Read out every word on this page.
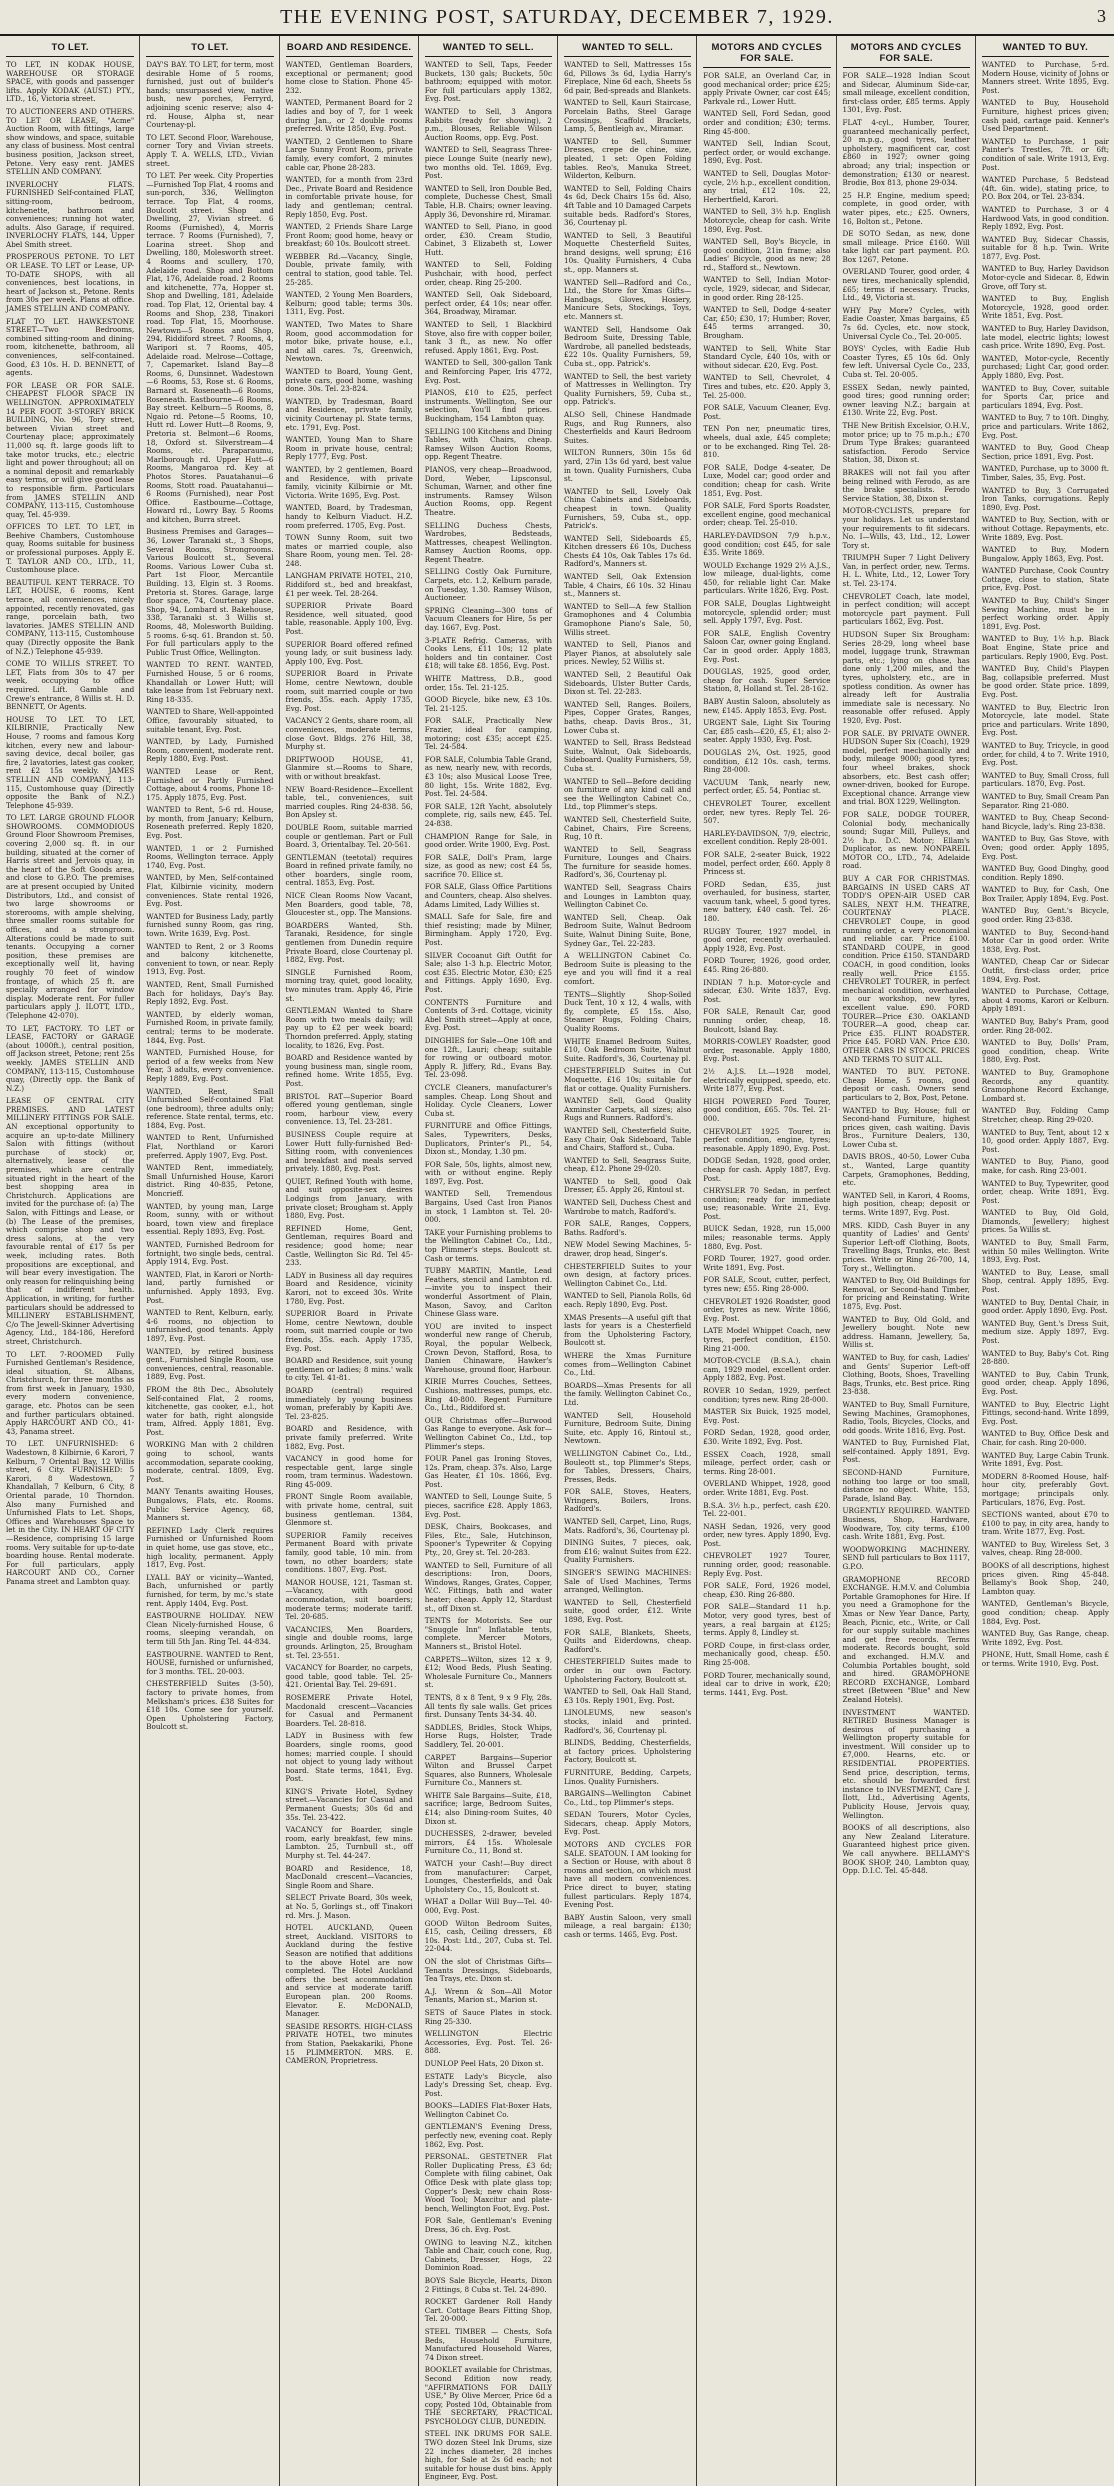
THE EVENING POST, SATURDAY, DECEMBER 7, 1929.	3
TO LET.

TO LET, IN KODAK HOUSE, WAREHOUSE OR STORAGE SPACE, with goods and passenger lifts. Apply KODAK (AUST.) PTY., LTD., 16, Victoria street.

TO AUCTIONEERS AND OTHERS. TO LET OR LEASE, "Acme" Auction Room, with fittings, large show windows, and space, suitable any class of business. Most central business position, Jackson street, Petone. Very easy rent. JAMES STELLIN AND COMPANY.

INVERLOCHY FLATS. FURNISHED Self-contained FLAT, sitting-room, bedroom, kitchenette, bathroom and conveniences; running hot water, adults. Also Garage, if required. INVERLOCHY FLATS, 144, Upper Abel Smith street.

PROSPEROUS PETONE. TO LET OR LEASE. TO LET or Lease, UP-TO-DATE SHOPS, with all conveniences, best locations, in heart of Jackson st., Petone. Rents from 30s per week. Plans at office. JAMES STELLIN AND COMPANY.

FLAT TO LET. HAWKESTONE STREET—Two Bedrooms, combined sitting-room and dining-room, kitchenette, bathroom, all conveniences, self-contained. Good, £3 10s. H. D. BENNETT, of agents.

FOR LEASE OR FOR SALE. CHEAPEST FLOOR SPACE IN WELLINGTON. APPROXIMATELY 14 PER FOOT. 3-STOREY BRICK BUILDING, No. 96, Tory street, between Vivian street and Courtenay place; approximately 11,000 sq. ft. large goods lift to take motor trucks, etc.; electric light and power throughout; all on a nominal deposit and remarkably easy terms, or will give good lease to responsible firm. Particulars from JAMES STELLIN AND COMPANY, 113-115, Customhouse quay, Tel. 45-939.

OFFICES TO LET. TO LET, in Beehive Chambers, Customhouse quay, Rooms suitable for business or professional purposes. Apply E. T. TAYLOR AND CO., LTD., 11, Customhouse place.

BEAUTIFUL KENT TERRACE. TO LET, HOUSE, 6 rooms, Kent terrace, all conveniences, nicely appointed, recently renovated, gas range, porcelain bath, two lavatories. JAMES STELLIN AND COMPANY, 113-115, Customhouse quay (Directly opposite the Bank of N.Z.) Telephone 45-939.

COME TO WILLIS STREET. TO LET, Flats from 30s to 47 per week, occupying to office required. Lift. Gamble and Crewe's entrance, 8 Willis st. H. D. BENNETT, Or Agents.

HOUSE TO LET. TO LET, KILBIRNIE, Practically New House, 7 rooms and famous Korg kitchen, every new and labour-saving device, decal boiler, gas fire, 2 lavatories, latest gas cooker, rent £2 15s weekly. JAMES STELLIN AND COMPANY, 113-115, Customhouse quay (Directly opposite the Bank of N.Z.) Telephone 45-939.

TO LET. LARGE GROUND FLOOR SHOWROOMS. COMMODIOUS Ground Floor Showroom Premises, covering 2,000 sq. ft. in our building, situated at the corner of Harris street and Jervois quay, in the heart of the Soft Goods area, and close to G.P.O. The premises are at present occupied by United Distributors, Ltd., and consist of two large showrooms or storerooms, with ample shelving, three smaller rooms suitable for offices, and a strongroom. Alterations could be made to suit tenants. Occupying a corner position, these premises are exceptionally well lit, having roughly 70 feet of window frontage, of which 25 ft. are specially arranged for window display. Moderate rent. For fuller particulars apply J. ILOTT, LTD., (Telephone 42-070).

TO LET, FACTORY. TO LET or LEASE, FACTORY or GARAGE (about 1000ft.), central position, off Jackson street, Petone; rent 25s weekly. JAMES STELLIN AND COMPANY, 113-115, Customhouse quay, (Directly opp. the Bank of N.Z.)

LEASE OF CENTRAL CITY PREMISES. AND LATEST MILLINERY FITTINGS FOR SALE. AN exceptional opportunity to acquire an up-to-date Millinery Salon with fittings (without purchase of stock) or, alternatively, lease of the premises, which are centrally situated right in the heart of the best shopping area in Christchurch. Applications are invited for the purchase of: (a) The Salon, with Fittings and Lease, or (b) The Lease of the premises, which comprise shop and two dress salons, at the very favourable rental of £17 5s per week, including rates. Both propositions are exceptional, and will bear every investigation. The only reason for relinquishing being that of indifferent health. Application, in writing, for further particulars should be addressed to MILLINERY ESTABLISHMENT, C/o The Jewell-Skinner Advertising Agency, Ltd., 184-186, Hereford street, Christchurch.

TO LET. 7-ROOMED Fully Furnished Gentleman's Residence, ideal situation, St. Albans, Christchurch, for three months as from first week in January, 1930, every modern convenience, garage, etc. Photos can be seen and further particulars obtained. Apply HARCOURT AND CO., 41-43, Panama street.

TO LET. UNFURNISHED: 6 Wadestown, 8 Kilbirnie, 6 Karori, 7 Kelburn, 7 Oriental Bay, 12 Willis street, 6 City. FURNISHED: 5 Karori, 8 Wadestown, 7 Khandallah, 7 Kelburn, 6 City, 8 Oriental parade, 10 Thorndon. Also many Furnished and Unfurnished Flats to Let. Shops, Offices and Warehouses Space to let in the City. IN HEART OF CITY—Residence, comprising 15 large rooms. Very suitable for up-to-date boarding house. Rental moderate. For full particulars, apply HARCOURT AND CO., Corner Panama street and Lambton quay.

TO LET.

DAY'S BAY. TO LET, for term, most desirable Home of 5 rooms, furnished, just out of builder's hands; unsurpassed view, native bush, new porches, Ferryrd, adjoining scenic reserve; also 4-rd. House, Alpha st, near Courtenay-pl.

TO LET. Second Floor, Warehouse, corner Tory and Vivian streets. Apply T. A. WELLS, LTD., Vivian street.

TO LET. Per week. City Properties—Furnished Top Flat, 4 rooms and sun-porch, 336, Wellington terrace. Top Flat, 4 rooms, Boulcott street. Shop and Dwelling, 27, Vivian street. 6 Rooms (Furnished), 4, Morris terrace. 7 Rooms (Furnished), 7, Loarina street. Shop and Dwelling, 180, Molesworth street. 4 Rooms and scullery, 170, Adelaide road. Shop and Bottom Flat, 176, Adelaide road. 2 Rooms and kitchenette, 77a, Hopper st. Shop and Dwelling, 181, Adelaide road. Top Flat, 12, Oriental bay. 4 Rooms and Shop, 238, Tinakori road. Top Flat, 15, Moorhouse. Newtown—5 Rooms and Shop, 294, Riddiford street. 7 Rooms, 4, Waripori st. 7 Rooms, 405, Adelaide road. Melrose—Cottage, 7, Capemarket. Island Bay—8 Rooms, 6, Dunsinnet. Wadestown—6 Rooms, 53, Rose st. 6 Rooms, Barnard st. Roseneath—6 Rooms, Roseneath. Eastbourne—6 Rooms, Bay street. Kelburn—5 Rooms, 8, Ngaio rd. Petone—5 Rooms, 10, Hutt rd. Lower Hutt—8 Rooms, 9, Pretoria st. Belmont—6 Rooms, 18, Oxford st. Silverstream—4 Rooms, etc. Paraparaumu, Marlborough rd. Upper Hutt—6 Rooms, Mangaroa rd. Key at Photos Stores. Pauatahanui—6 Rooms, Stott road. Pauatahanui—6 Rooms (Furnished), near Post Office. Eastbourne—Cottage, Howard rd., Lowry Bay. 5 Rooms and kitchen, Burra street.

Business Premises and Garages—36, Lower Taranaki st., 3 Shops, Several Rooms, Strongrooms. Various Boulcott st., Several Rooms. Various Lower Cuba st. Part 1st Floor, Mercantile Building. 13, Elgin st. 3 Rooms. Pretoria st. Stores. Garage, large floor space, 74, Courtenay place. Shop, 94, Lombard st. Bakehouse, 338, Taranaki st. 3 Willis st. Rooms, 48, Molesworth Building. 5 rooms. 6-sq. 61. Brandon st. 50. For full particulars apply to the Public Trust Office, Wellington.

WANTED TO RENT. WANTED, Furnished House, 5 or 6 rooms, Khandallah or Lower Hutt; will take lease from 1st February next. Ring 18-335.

WANTED to Share, Well-appointed Office, favourably situated, to suitable tenant, Evg. Post.

WANTED, by Lady, Furnished Room, convenient, moderate rent. Reply 1880, Evg. Post.

WANTED Lease or Rent, Furnished or Partly Furnished Cottage, about 4 rooms, Phone 18-175. Apply 1875, Evg. Post.

WANTED to Rent, 5-6 rd. House, by month, from January; Kelburn, Roseneath preferred. Reply 1820, Evg. Post.

WANTED, 1 or 2 Furnished Rooms, Wellington terrace. Apply 1740, Evg. Post.

WANTED, by Men, Self-contained Flat, Kilbirnie vicinity, modern conveniences. State rental 1926, Evg. Post.

WANTED for Business Lady, partly furnished sunny Room, gas ring, town. Write 1639, Evg. Post.

WANTED to Rent, 2 or 3 Rooms and balcony kitchenette, convenient to town, or near. Reply 1913, Evg. Post.

WANTED, Rent, Small Furnished Bach for holidays, Day's Bay. Reply 1892, Evg. Post.

WANTED, by elderly woman, Furnished Room, in private family, central; terms to be moderate. 1844, Evg. Post.

WANTED, Furnished House, for period of a few weeks from New Year, 3 adults, every convenience. Reply 1889, Evg. Post.

WANTED, Rent, Small Unfurnished Self-contained Flat (one bedroom), three adults only; reference. State rental, terms, etc. 1884, Evg. Post.

WANTED to Rent, Unfurnished Flat, Northland or Karori preferred. Apply 1907, Evg. Post.

WANTED Rent, immediately, Small Unfurnished House, Karori district. Ring 40-835, Petone, Moncrieff.

WANTED, by young man, Large Room, sunny, with or without board, town view and fireplace essential. Reply 1893, Evg. Post.

WANTED, Furnished Bedroom for fortnight, two single beds, central. Apply 1914, Evg. Post.

WANTED, Flat, in Karori or North-land, partly furnished or unfurnished. Apply 1893, Evg. Post.

WANTED to Rent, Kelburn, early, 4-6 rooms, no objection to unfurnished, good tenants. Apply 1897, Evg. Post.

WANTED, by retired business gent., Furnished Single Room, use conveniences, central, reasonable. 1889, Evg. Post.

FROM the 8th Dec., Absolutely Self-contained Flat, 2 rooms, kitchenette, gas cooker, e.l., hot water for bath, right alongside tram, Alfred. Apply 1881, Evg. Post.

WORKING Man with 2 children going to school, wants accommodation, separate cooking, moderate, central. 1809, Evg. Post.

MANY Tenants awaiting Houses, Bungalows, Flats, etc. Rooms. Public Service Agency, 68, Manners st.

REFINED Lady Clerk requires Furnished or Unfurnished Room in quiet home, use gas stove, etc., high locality, permanent. Apply 1817, Evg. Post.

LYALL BAY or vicinity—Wanted, Bach, unfurnished or partly furnished, for term, by mc.'s state rent. Apply 1404, Evg. Post.

EASTBOURNE HOLIDAY. NEW Clean Nicely-furnished House, 6 rooms, sleeping verandah, on term till 5th Jan. Ring Tel. 44-834.

EASTBOURNE. WANTED to Rent, HOUSE, furnished or unfurnished, for 3 months. TEL. 20-003.

CHESTERFIELD Suites (3-50), factory to private homes, from Melksham's prices. £38 Suites for £18 10s. Come see for yourself. Open Upholstering Factory, Boulcott st.

BOARD AND RESIDENCE.

WANTED, Gentleman Boarders, exceptional or permanent; good home close to Station. Phone 45-232.

WANTED, Permanent Board for 2 ladies and boy of 7, for 1 week during Jan., or 2 double rooms preferred. Write 1850, Evg. Post.

WANTED, 2 Gentlemen to Share Large Sunny Front Room, private family, every comfort, 2 minutes cable car, Phone 28-283.

WANTED, for a month from 23rd Dec., Private Board and Residence in comfortable private house, for lady and gentleman; central. Reply 1850, Evg. Post.

WANTED, 2 Friends Share Large Front Room; good home, heavy or breakfast; 60 10s. Boulcott street.

WEBBER Rd.—Vacancy, Single, Double, private family, with central to station, good table. Tel. 25-285.

WANTED, 2 Young Men Boarders, Kelburn; good table; terms 30s. 1311, Evg. Post.

WANTED, Two Mates to Share Room, good accommodation for motor bike, private house, e.l., and all cares. 7s, Greenwich, Newtown.

WANTED to Board, Young Gent, private cars, good home, washing done. 30s. Tel. 23-824.

WANTED, by Tradesman, Board and Residence, private family, vicinity Courtenay pl. State terms, etc. 1791, Evg. Post.

WANTED, Young Man to Share Room in private house, central; Reply 1777, Evg. Post.

WANTED, by 2 gentlemen, Board and Residence, with private family, vicinity Kilbirnie or Mt. Victoria. Write 1695, Evg. Post.

WANTED, Board, by Tradesman, handy to Kelburn Viaduct. H.Z. room preferred. 1705, Evg. Post.

TOWN Sunny Room, suit two mates or married couple, also Share Room, young men. Tel. 28-248.

LANGHAM PRIVATE HOTEL, 210, Riddiford st., bed and breakfast, £1 per week. Tel. 28-264.

SUPERIOR Private Board Residence, well situated, good table, reasonable. Apply 100, Evg. Post.

SUPERIOR Board offered refined young lady, or suit business lady. Apply 100, Evg. Post.

SUPERIOR Board in Private Home, centre Newtown, double room, suit married couple or two friends, 35s. each. Apply 1735, Evg. Post.

VACANCY 2 Gents, share room, all conveniences, moderate terms, close Govt. Bldgs. 276 Hill, 38, Murphy st.

DRIFTWOOD HOUSE, 41, Glanmire st.—Rooms to Share, with or without breakfast.

NEW Board-Residence—Excellent table, tel., conveniences, suit married couples. Ring 24-838. 56, Bon Apsley st.

DOUBLE Room, suitable married couple or gentleman. Part or Full Board. 3, Orientalbay. Tel. 20-561.

GENTLEMAN (teetotal) requires Board in refined private family, no other boarders, single room, central. 1853, Evg. Post.

NICE Clean Rooms Now Vacant, Men Boarders, good table, 78, Gloucester st., opp. The Mansions.

BOARDERS Wanted, Sth. Taranaki, Residence, for single gentlemen from Dunedin require Private Board, close Courtenay pl. 1882, Evg. Post.

SINGLE Furnished Room, morning tray, quiet, good locality, two minutes tram. Apply 46, Pirie st.

GENTLEMAN Wanted to Share Room with two meals daily; will pay up to £2 per week board; Thorndon preferred. Apply, stating locality, to 1826, Evg. Post.

BOARD and Residence wanted by young business man, single room, refined home. Write 1855, Evg. Post.

BRISTOL RAT—Superior Board offered young gentleman, single room, harbour view, every convenience. 13, Tel. 23-281.

BUSINESS Couple require at Lower Hutt fully-furnished Bed-Sitting room, with conveniences and breakfast and meals served privately. 1880, Evg. Post.

QUIET, Refined Youth with home, and suit opposite-sex desires Lodgings from January, with private closet; Brougham st. Apply 1880, Evg. Post.

REFINED Home, Gent, Gentleman, requires Board and residence; good home; near Castle, Wellington Sic Rd. Tel 45-233.

LADY in Business all day requires Board and Residence, vicinity Karori, not to exceed 30s. Write 1780, Evg. Post.

SUPERIOR Board in Private Home, centre Newtown, double room, suit married couple or two friends, 35s. each. Apply 1735, Evg. Post.

BOARD and Residence, suit young gentlemen or ladies; 8 mins.' walk to city. Tel. 41-81.

BOARD (central) required immediately by young business woman, preferably by Kapiti Ave. Tel. 23-825.

BOARD and Residence, with private family preferred. Write 1882, Evg. Post.

VACANCY in good home for respectable gent, large single room, tram terminus. Wadestown. Ring 45-009.

FRONT Single Room available, with private home, central, suit business gentleman. 1384, Glenmore st.

SUPERIOR Family receives Permanent Board with private family, good table, 10 min. from town, no other boarders; state conditions. 1807, Evg. Post.

MANOR HOUSE, 121, Tasman st.—Vacancy, with good accommodation, suit boarders; moderate terms; moderate tariff. Tel. 20-685.

VACANCIES, Men Boarders, single and double rooms, large grounds. Arlington, 25, Brougham st. Tel. 23-551.

VACANCY for Boarder, no carpets, good table, good table. Tel. 25-421. Oriental Bay. Tel. 29-691.

ROSEMERE Private Hotel, Macdonald crescent—Vacancies for Casual and Permanent Boarders. Tel. 28-818.

LADY in Business with few Boarders, single rooms, good homes; married couple. I should not object to young lady without board. State terms, 1841, Evg. Post.

KING'S Private Hotel, Sydney street.—Vacancies for Casual and Permanent Guests; 30s 6d and 35s. Tel. 23-422.

VACANCY for Boarder, single room, early breakfast, few mins. Lambton. 25, Turnbull st., off Murphy st. Tel. 44-247.

BOARD and Residence, 18, MacDonald crescent—Vacancies, Single Room and Share.

SELECT Private Board, 30s week, at No. 5, Gorlings st., off Tinakori rd. Mrs. J. Mason.

HOTEL AUCKLAND, Queen street, Auckland. VISITORS to Auckland during the festive Season are notified that additions to the above Hotel are now completed. The Hotel Auckland offers the best accommodation and service at moderate tariff. European plan. 200 Rooms. Elevator. E. McDONALD, Manager.

SEASIDE RESORTS. HIGH-CLASS PRIVATE HOTEL, two minutes from Station, Paekakariki, Phone 15 PLIMMERTON. MRS. E. CAMERON, Proprietress.

WANTED TO SELL.

WANTED to Sell, Taps, Feeder Buckets, 130 gals; Buckets, 50c bathroom; equipped with motor. For full particulars apply 1382, Evg. Post.

WANTED to Sell, 3 Angora Rabbits (ready for showing), 2 p.m., Blouses, Reliable Wilson Auction Rooms, opp. Evg. Post.

WANTED to Sell, Seagrass Three-piece Lounge Suite (nearly new), two months old. Tel. 1869, Evg. Post.

WANTED to Sell, Iron Double Bed, complete, Duchesse Chest, Small Table, H.B. Chairs; owner leaving. Apply 36, Devonshire rd, Miramar.

WANTED to Sell, Piano, in good order, £30. Cream Studio, Cabinet, 3 Elizabeth st, Lower Hutt.

WANTED to Sell, Folding Pushchair, with hood, perfect order, cheap. Ring 25-200.

WANTED Sell, Oak Sideboard, perfect order, £4 10s; near offer. 364, Broadway, Miramar.

WANTED to Sell, 1 Blackbird Stove, also fire with copper boiler, tank 3 ft., as new. No offer refused. Apply 1861, Evg. Post.

WANTED to Sell, 300-gallon Tank and Reinforcing Paper, Iris 4772, Evg. Post.

PIANOS, £10 to £25, perfect instruments. Wellington, See our selection, You'll find prices. Buckingham, 154 Lambton quay.

SELLING 100 Kitchens and Dining Tables, with Chairs, cheap. Ramsey Wilson Auction Rooms, opp. Regent Theatre.

PIANOS, very cheap—Broadwood, Dord, Weber, Lipsconsul, Schuman, Warner, and other fine instruments. Ramsey Wilson Auction Rooms, opp. Regent Theatre.

SELLING Duchess Chests, Wardrobes, Bedsteads, Mattresses, cheapest Wellington. Ramsey Auction Rooms, opp. Regent Theatre.

SELLING Costly Oak Furniture, Carpets, etc. 1.2, Kelburn parade, on Tuesday, 1.30. Ramsey Wilson, Auctioneer.

SPRING Cleaning—300 tons of Vacuum Cleaners for Hire, 5s per day. 1667, Evg. Post.

3-PLATE Refrig. Cameras, with Cooks Lens, £11 10s; 12 plate holders and tin container. Cost £18; will take £8. 1856, Evg. Post.

WHITE Mattress, D.B., good order, 15s. Tel. 21-125.

GOOD Bicycle, bike new, £3 10s. Tel. 21-125.

FOR SALE, Practically New Frazier, ideal for camping, motoring; cost £35; accept £25. Tel. 24-584.

FOR SALE, Columbia Table Grand, as new, nearly new, with records, £3 10s; also Musical Loose Tree, 80 light, 15s. Write 1882, Evg. Post. Tel. 24-584.

FOR SALE, 12ft Yacht, absolutely complete, rig, sails new, £45. Tel. 24-838.

CHAMPION Range for Sale, in good order. Write 1900, Evg. Post.

FOR SALE, Doll's Pram, large size, as good as new; cost £4 5s, sacrifice 70. Ellice st.

FOR SALE, Glass Office Partitions and Counters, cheap. Also shelves. Adams Limited, Lady Willies st.

SMALL Safe for Sale, fire and thief resisting; made by Milner, Birmingham. Apply 1720, Evg. Post.

SILVER Cocoanut Gift Outfit for Sale; also 1-3 h.p. Electric Motor, cost £35. Electric Motor, £30; £25 and Fittings. Apply 1690, Evg. Post.

CONTENTS Furniture and Contents of 3-rd. Cottage, vicinity Abel Smith street—Apply at once, Evg. Post.

DINGHIES for Sale—One 10ft and one 12ft., Lauri; cheap; suitable for rowing or outboard motor. Apply R. Jiffery, Rd., Evans Bay. Tel. 23-098.

CYCLE Cleaners, manufacturer's samples. Cheap. Long Shout and Holiday. Cycle Cleaners, Lower Cuba st.

FURNITURE and Office Fittings, Sales, Typewriters, Desks, Duplicators, Printer's Pl., 54, Dixon st., Monday, 1.30 pm.

FOR Sale, 50s, lights, almost new, with or without engine. Reply 1897, Evg. Post.

WANTED Sell, Tremendous Bargains, Used Cast Iron Pianos in stock, 1 Lambton st. Tel. 20-000.

TAKE your Furnishing problems to the Wellington Cabinet Co., Ltd., top Plimmer's steps. Boulcott st. Cash or terms.

TUBBY MARTIN, Mantle, Lead Feathers, stencil and Lambton rd.—invite you to inspect their wonderful Assortment of Plain, Mason, Savoy, and Carlton Chinese Glass ware.

YOU are invited to inspect wonderful new range of Cherub, Royal, the popular Welbeck, Crown Devon, Stafford, Rosa, to Danien Chinaware, Hawker's Warehouse, ground floor, Harbour.

KIRIE Murres Couches, Settees, Cushions, mattresses, pumps, etc. Ring 40-800. Regent Furniture Co., Ltd., Riddiford st.

OUR Christmas offer—Burwood Gas Range to everyone. Ask for—Wellington Cabinet Co., Ltd., top Plimmer's steps.

FOUR Panel gas Ironing Stoves, 12s. Pram, cheap. 37s. Also, Large Gas Heater, £1 10s. 1866, Evg. Post.

WANTED to Sell, Lounge Suite, 5 pieces, sacrifice £28. Apply 1863, Evg. Post.

DESK, Chairs, Bookcases, and Files, Etc., Sale, Hutchinson, Spooner's Typewriter & Copying Pty., 20, Grey st. Tel. 20-283.

WANTED to Sell, Furniture of all descriptions: Iron, Doors, Windows, Ranges, Grates, Copper, W.C. Fittings, bath and water heater; cheap. Apply 12, Stardust st., off Dixon st.

TENTS for Motorists. See our "Snuggle Inn" Inflatable tents, complete. Mercer Motors, Manners st., Bristol Hotel.

CARPETS—Wilton, sizes 12 x 9, £12; Wood Beds, Plush Seating. Wholesale Furniture Co., Manners st.

TENTS, 8 x 8 Tent, 9 x 9 Fly, 28s. All tents fly sale walls. Get prices first. Dunsany Tents 34-34. 40.

SADDLES, Bridles, Stock Whips, Horse Rugs, Holster, Trade Saddlery, Tel. 20-001.

CARPET Bargains—Superior Wilton and Brussel Carpet Squares, also Runners, Wholesale Furniture Co., Manners st.

WHITE Sale Bargains—Suite, £18, sacrifice; large, Bedroom Suites, £14; also Dining-room Suites, 40 Dixon st.

DUCHESSES, 2-drawer, beveled mirrors, £4 15s. Wholesale Furniture Co., 11, Bond st.

WATCH your Cash!—Buy direct from manufacturer: Carpet, Lounges, Chesterfields, and Oak Upholstery Co., 15, Boulcott st.

WHAT a Dollar Will Buy—Tel. 40-000, Evg. Post.

GOOD Wilton Bedroom Suites, £15, cash, Ceiling dressers, £8 10s. Post: Ltd., 207, Cuba st. Tel. 22-044.

ON the slot of Christmas Gifts—Tenants Dressings, Sideboards, Tea Trays, etc. Dixon st.

A.J. Wrenn & Son—All Motor Tenants, Marion st., Marion st.

SETS of Sauce Plates in stock. Ring 25-330.

WELLINGTON Electric Accessories, Evg. Post. Tel. 26-888.

DUNLOP Peel Hats, 20 Dixon st.

ESTATE Lady's Bicycle, also Lady's Dressing Set, cheap. Evg. Post.

BOOKS—LADIES Flat-Boxer Hats, Wellington Cabinet Co.

GENTLEMAN'S Evening Dress, perfectly new, evening coat. Reply 1862, Evg. Post.

PERSONAL. GESTETNER Flat Roller Duplicating Press, £3 6d; Complete with filing cabinet, Oak Office Desk with plate glass top; Copper's Desk; new chain Ross-Wood Tool; Maxcitur and plate-bench, Wellington Foot, Evg. Post.

FOR Sale, Gentleman's Evening Dress, 36 ch. Evg. Post.

OWING to leaving N.Z., kitchen Table and Chair, couch cone, Rug, Cabinets, Dresser, Hogs, 22 Dominion Road.

BOYS Sale Bicycle, Hearts, Dixon 2 Fittings, 8 Cuba st. Tel. 24-890.

ROCKET Gardener Roll Handy Cart. Cottage Bears Fitting Shop, Tel. 20-000.

STEEL TIMBER — Chests, Sofa Beds, Household Furniture, Manufactured Household Wares, 74 Dixon street.

BOOKLET available for Christmas, Second Edition now ready, "AFFIRMATIONS FOR DAILY USE," By Olive Mercer, Price 6d a copy, Posted 10d, Obtainable from THE SECRETARY, PRACTICAL PSYCHOLOGY CLUB, DUNEDIN.

STEEL INK DRUMS FOR SALE. TWO dozen Steel Ink Drums, size 22 inches diameter, 28 inches high, for Sale at 2s 6d each; not suitable for house dust bins. Apply Engineer, Evg. Post.

WANTED TO SELL.

WANTED to Sell, Mattresses 15s 6d, Pillows 3s 6d, Lydia Harry's Fireplace, Nine 6d each, Sheets 5s 6d pair, Bed-spreads and Blankets.

WANTED to Sell, Kauri Staircase, Porcelain Baths, Steel Garage Crossings, Scaffold Brackets, Lamp, 5, Bentleigh av., Miramar.

WANTED to Sell, Summer Dresses, crepe de chine, size, pleated, 1 set: Open Folding tables. Reo's, Manuka Street, Wilderton, Kelburn.

WANTED to Sell, Folding Chairs 4s 6d, Deck Chairs 15s 6d. Also, 4ft Table and 10 Damaged Carpets suitable beds. Radford's Stores, 36, Courtenay pl.

WANTED to Sell, 3 Beautiful Moquette Chesterfield Suites, brand designs, well sprung; £16 10s. Quality Furnishers, 4 Cuba st., opp. Manners st.

WANTED Sell—Radford and Co., Ltd., the Store for Xmas Gifts—Handbags, Gloves, Hosiery, Manicure Sets, Stockings, Toys, etc. Manners st.

WANTED Sell, Handsome Oak Bedroom Suite, Dressing Table, Wardrobe, all panelled bedsteads, £22 10s. Quality Furnishers, 59, Cuba st., opp. Patrick's.

WANTED to Sell, the best variety of Mattresses in Wellington. Try Quality Furnishers, 59, Cuba st., opp. Patrick's.

ALSO Sell, Chinese Handmade Rugs, and Rug Runners, also Chesterfields and Kauri Bedroom Suites.

WILTON Runners, 30in 15s 6d yard, 27in 13s 6d yard, best value in town. Quality Furnishers, Cuba st.

WANTED to Sell, Lovely Oak China Cabinets and Sideboards, cheapest in town. Quality Furnishers, 59, Cuba st., opp. Patrick's.

WANTED Sell, Sideboards £5, Kitchen dressers £6 10s, Duchess Chests £4 10s, Oak Tables 17s 6d. Radford's, Manners st.

WANTED Sell, Oak Extension Table, 4 Chairs, £6 10s. 32 Hinau st., Manners st.

WANTED to Sell—A few Stallion Gramophones and 4 Columbia Gramophone Piano's Sale, 50, Willis street.

WANTED to Sell, Pianos and Player Pianos, at absolutely sale prices. Newley, 52 Willis st.

WANTED Sell, 2 Beautiful Oak Sideboards, Ulster Butter Cards, Dixon st. Tel. 22-283.

WANTED Sell, Ranges. Boilers, Pipes, Copper Grates, Ranges, baths, cheap. Davis Bros., 31, Lower Cuba st.

WANTED to Sell, Brass Bedstead Suite, Walnut, Oak Sideboards, Sideboard. Quality Furnishers, 59, Cuba st.

WANTED to Sell—Before deciding on furniture of any kind call and see the Wellington Cabinet Co., Ltd., top Plimmer's steps.

WANTED Sell, Chesterfield Suite, Cabinet, Chairs, Fire Screens, Rug, 10 ft.

WANTED to Sell, Seagrass Furniture, Lounges and Chairs. The furniture for seaside homes. Radford's, 36, Courtenay pl.

WANTED Sell, Seagrass Chairs and Lounges in Lambton quay, Wellington Cabinet Co.

WANTED Sell, Cheap. Oak Bedroom Suite, Walnut Bedroom Suite, Walnut Dining Suite, Bone, Sydney Gar., Tel. 22-283.

A WELLINGTON Cabinet Co. Bedroom Suite is pleasing to the eye and you will find it a real comfort.

TENTS—Slightly Shop-Soiled Duck Tent, 10 x 12, 4 walls, with fly, complete, £5 15s. Also, Steamer Rugs, Folding Chairs, Quality Rooms.

WHITE Enamel Bedroom Suites, £10, Oak Bedroom Suite, Walnut Suite. Radford's, 36, Courtenay pl.

CHESTERFIELD Suites in Cut Moquette, £16 10s; suitable for flat or cottage. Quality Furnishers.

WANTED Sell, Good Quality Axminster Carpets, all sizes; also Rugs and Runners. Radford's.

WANTED Sell, Chesterfield Suite, Easy Chair, Oak Sideboard, Table and Chairs, Stafford st., Cuba.

WANTED to Sell, Seagrass Suite, cheap, £12. Phone 29-020.

WANTED to Sell, good Oak Dresser, £5. Apply 26, Rintoul st.

WANTED Sell, Duchess Chest and Wardrobe to match, Radford's.

FOR SALE, Ranges, Coppers, Baths. Radford's.

NEW Model Sewing Machines, 5-drawer, drop head, Singer's.

CHESTERFIELD Suites to your own design, at factory prices. Wellington Cabinet Co., Ltd.

WANTED to Sell, Pianola Rolls, 6d each. Reply 1890, Evg. Post.

XMAS Presents—A useful gift that lasts for years is a Chesterfield from the Upholstering Factory, Boulcott st.

WHERE the Xmas Furniture comes from—Wellington Cabinet Co., Ltd.

BOARDS—Xmas Presents for all the family. Wellington Cabinet Co., Ltd.

WANTED Sell, Household Furniture, Bedroom Suite, Dining Suite, etc. Apply 16, Rintoul st., Newtown.

WELLINGTON Cabinet Co., Ltd., Bouleott st., top Plimmer's Steps, for Tables, Dressers, Chairs, Presses, Beds.

FOR SALE, Stoves, Heaters, Wringers, Boilers, Irons. Radford's.

WANTED Sell, Carpet, Lino, Rugs, Mats. Radford's, 36, Courtenay pl.

DINING Suites, 7 pieces, oak, from £16; walnut Suites from £22. Quality Furnishers.

SINGER'S SEWING MACHINES: Sale of Used Machines, Terms arranged, Wellington.

WANTED to Sell, Chesterfield suite, good order, £12. Write 1898, Evg. Post.

FOR SALE, Blankets, Sheets, Quilts and Eiderdowns, cheap. Radford's.

CHESTERFIELD Suites made to order in our own Factory. Upholstering Factory, Boulcott st.

WANTED to Sell, Oak Hall Stand, £3 10s. Reply 1901, Evg. Post.

LINOLEUMS, new season's stocks, inlaid and printed. Radford's, 36, Courtenay pl.

BLINDS, Bedding, Chesterfields, at factory prices. Upholstering Factory, Boulcott st.

FURNITURE, Bedding, Carpets, Linos. Quality Furnishers.

BARGAINS—Wellington Cabinet Co., Ltd., top Plimmer's steps.

SEDAN Tourers, Motor Cycles, Sidecars, cheap. Apply Motors, Evg. Post.

MOTORS AND CYCLES FOR SALE. SEATOUN. I AM looking for a Section or House, with about 8 rooms and section, on which must have all modern conveniences. Price direct to buyer, stating fullest particulars. Reply 1874, Evening Post.

BABY Austin Saloon, very small mileage, a real bargain: £130; cash or terms. 1465, Evg. Post.

MOTORS AND CYCLES FOR SALE.

FOR SALE, an Overland Car, in good mechanical order; price £25; apply Private Owner, car cost £45; Parkvale rd., Lower Hutt.

WANTED Sell, Ford Sedan, good order and condition; £30; terms. Ring 45-800.

WANTED Sell, Indian Scout, perfect order, or would exchange. 1890, Evg. Post.

WANTED to Sell, Douglas Motor-cycle, 2½ h.p., excellent condition, any trial, £12 10s. 22, Herbertfield, Karori.

WANTED to Sell, 3½ h.p. English Motorcycle, cheap for cash. Write 1890, Evg. Post.

WANTED Sell, Boy's Bicycle, in good condition, 21in frame; also Ladies' Bicycle, good as new; 28 rd., Stafford st., Newtown.

WANTED to Sell, Indian Motor-cycle, 1929, sidecar, and Sidecar, in good order. Ring 28-125.

WANTED to Sell, Dodge 4-seater Car, £50; £30, 17; Humber; Rover, £45 terms arranged. 30, Brougham.

WANTED to Sell, White Star Standard Cycle, £40 10s, with or without sidecar. £20, Evg. Post.

WANTED to Sell, Chevrolet, 4 Tires and tubes, etc. £20. Apply 3, Tel. 25-000.

FOR SALE, Vacuum Cleaner, Evg. Post.

TEN Pon ner, pneumatic tires, wheels, dual axle, £45 complete; or to be exchanged. Ring Tel. 28-810.

FOR SALE, Dodge 4-seater, De Luxe, Model car; good order and condition; cheap for cash. Write 1851, Evg. Post.

FOR SALE, Ford Sports Roadster, excellent engine, good mechanical order; cheap. Tel. 25-010.

HARLEY-DAVIDSON 7/9 h.p.v., good condition; cost £45, for sale £35. Write 1869.

WOULD Exchange 1929 2½ A.J.S., low mileage, dual-lights, come 450, for reliable light Car. Make particulars. Write 1826, Evg. Post.

FOR SALE, Douglas Lightweight motorcycle, splendid order; must sell. Apply 1797, Evg. Post.

FOR SALE, English Coventry Saloon Car, owner going England. Car in good order. Apply 1883, Evg. Post.

DOUGLAS, 1925, good order, cheap for cash. Super Service Station, 8, Holland st. Tel. 28-162.

BABY Austin Saloon, absolutely as new, £145. Apply 1853, Evg. Post.

URGENT Sale, Light Six Touring Car, £85 cash—£20, £5, £1; also 2-seater. Apply 1930, Evg. Post.

DOUGLAS 2¾, Ost. 1925, good condition, £12 10s. cash, terms. Ring 28-000.

VACUUM Tank, nearly new, perfect order, £5. 54, Pontiac st.

CHEVROLET Tourer, excellent order, new tyres. Reply Tel. 26-507.

HARLEY-DAVIDSON, 7/9, electric, excellent condition. Reply 28-001.

FOR SALE, 2-seater Buick, 1922 model, perfect order, £60. Apply 8 Princess st.

FORD Sedan, £35, just overhauled, for business, starter, vacuum tank, wheel, 5 good tyres, new battery, £40 cash. Tel. 26-180.

RUGBY Tourer, 1927 model, in good order, recently overhauled. Apply 1928, Evg. Post.

FORD Tourer, 1926, good order, £45. Ring 26-880.

INDIAN 7 h.p. Motor-cycle and sidecar, £30. Write 1837, Evg. Post.

FOR SALE, Renault Car, good running order, cheap, 18. Boulcott, Island Bay.

MORRIS-COWLEY Roadster, good order, reasonable. Apply 1880, Evg. Post.

2½ A.J.S. Lt.—1928 model, electrically equipped, speedo, etc. Write 1877, Evg. Post.

HIGH POWERED Ford Tourer, good condition, £65. 70s. Tel. 21-000.

CHEVROLET 1925 Tourer, in perfect condition, engine, tyres; reasonable. Apply 1890, Evg. Post.

DODGE Sedan, 1928, good order, cheap for cash. Apply 1887, Evg. Post.

CHRYSLER 70 Sedan, in perfect condition; ready for immediate use; reasonable. Write 21, Evg. Post.

BUICK Sedan, 1928, run 15,000 miles; reasonable terms. Apply 1880, Evg. Post.

FORD Tourer, 1927, good order. Write 1891, Evg. Post.

FOR SALE, Scout, cutter, perfect, tyres new; £55. Ring 28-000.

CHEVROLET 1926 Roadster, good order, tyres as new. Write 1866, Evg. Post.

LATE Model Whippet Coach, new tyres, perfect condition, £150. Ring 21-000.

MOTOR-CYCLE (B.S.A.), chain cam, 1929 model, excellent order. Apply 1882, Evg. Post.

ROVER 10 Sedan, 1929, perfect condition; tyres new. Ring 28-000.

MASTER Six Buick, 1925 model, Evg. Post.

FORD Sedan, 1928, good order, £30. Write 1892, Evg. Post.

ESSEX Coach, 1928, small mileage, perfect order, cash or terms. Ring 28-001.

OVERLAND Whippet, 1928, good order. Write 1881, Evg. Post.

B.S.A. 3½ h.p., perfect, cash £20. Tel. 22-001.

NASH Sedan, 1926, very good order, new tyres. Apply 1890, Evg. Post.

CHEVROLET 1927 Tourer, running order, good; reasonable. Reply Evg. Post.

FOR SALE, Ford, 1926 model, cheap, £30. Ring 26-880.

FOR SALE—Standard 11 h.p. Motor, very good tyres, best of years, a real bargain at £125; terms. Apply 8, Lindley st.

FORD Coupe, in first-class order, mechanically good, cheap. £50. Ring 25-008.

FORD Tourer, mechanically sound, ideal car to drive in work, £20; terms. 1441, Evg. Post.

MOTORS AND CYCLES FOR SALE.

FOR SALE—1928 Indian Scout and Sidecar, Aluminum Side-car, small mileage, excellent condition, first-class order, £85 terms. Apply 1301, Evg. Post.

FLAT 4-cyl., Humber, Tourer, guaranteed mechanically perfect, 20 m.p.g., good tyres, leather upholstery, magnificent car, cost £860 in 1927; owner going abroad; any trial; inspection or demonstration; £130 or nearest. Brodie, Box 813, phone 29-034.

25 H.P. Engine, medium speed; complete, in good order, with water pipes, etc.; £25. Owners, 16, Bolton st., Petone.

DE SOTO Sedan, as new, done small mileage. Price £160. Will take light car part payment. P.O. Box 1267, Petone.

OVERLAND Tourer, good order, 4 new tires, mechanically splendid, £65; terms if necessary. Trucks, Ltd., 49, Victoria st.

WHY Pay More? Cycles, with Eadie Coaster, Xmas bargains, £5 7s 6d. Cycles, etc. now stock, Universal Cycle Co., Tel. 20-005.

BOYS' Cycles, with Eadie Hub Coaster Tyres, £5 10s 6d. Only few left. Universal Cycle Co., 233, Cuba st. Tel. 20-005.

ESSEX Sedan, newly painted, good tires; good running order; owner leaving N.Z.; bargain at £130. Write 22, Evg. Post.

THE New British Excelsior, O.H.V., motor price; up to 75 m.p.h.; £70 Drum Type Brakes; guaranteed satisfaction. Ferodo Service Station, 38, Dixon st.

BRAKES will not fail you after being relined with Ferodo, as are the brake specialists. Ferodo Service Station, 38, Dixon st.

MOTOR-CYCLISTS, prepare for your holidays. Let us understand your requirements to fit sidecars. No. I—Wills, 43, Ltd., 12, Lower Tory st.

TRIUMPH Super 7 Light Delivery Van, in perfect order, new. Terms. H. L. White, Ltd., 12, Lower Tory st. Tel. 23-174.

CHEVROLET Coach, late model, in perfect condition; will accept motorcycle part payment. Full particulars 1862, Evg. Post.

HUDSON Super Six Brougham: Series 28-29, long wheel base model, luggage trunk, Strawman parts, etc.; lying on chase, has done only 1,200 miles, and the tyres, upholstery, etc., are in spotless condition. As owner has already left for Australia immediate sale is necessary. No reasonable offer refused. Apply 1920, Evg. Post.

FOR SALE. BY PRIVATE OWNER. HUDSON Super Six (Coach), 1929 model, perfect mechanically and body, mileage 9000; good tyres; four wheel brakes, shock absorbers, etc. Best cash offer; owner-driven, booked for Europe. Exceptional chance. Arrange view and trial. BOX 1229, Wellington.

FOR SALE, DODGE TOURER, Colonial body, mechanically sound; Sugar Mill, Pulleys, and 2½ h.p. D.C. Motor; Ellam's Duplicator, as new. NONPAREIL MOTOR CO., LTD., 74, Adelaide road.

BUY A CAR FOR CHRISTMAS. BARGAINS IN USED CARS AT TODD'S OPEN-AIR USED CAR SALES, NEXT H.M. THEATRE, COURTENAY PLACE. CHEVROLET Coupe, in good running order, a very economical and reliable car. Price £100. STANDARD COUPE, in good condition. Price £150. STANDARD COACH, in good condition, looks really well. Price £155. CHEVROLET TOURER, in perfect mechanical condition, overhauled in our workshop, new tyres, excellent value. £90. FORD TOURER—Price £30. OAKLAND TOURER—A good, cheap car. Price £35. FLINT ROADSTER. Price £45. FORD VAN. Price £30. OTHER CARS IN STOCK. PRICES AND TERMS TO SUIT ALL.

WANTED TO BUY. PETONE. Cheap Home, 5 rooms, good deposit or cash. Owners send particulars to 2, Box, Post, Petone.

WANTED to Buy, House; full or Second-hand Furniture, highest prices given, cash waiting. Davis Bros., Furniture Dealers, 130, Lower Cuba st.

DAVIS BROS., 40-50, Lower Cuba st., Wanted, Large quantity Carpets, Gramophones, Bedding, etc.

WANTED Sell, in Karori, 4 Rooms, high position, cheap; deposit or terms. Write 1897, Evg. Post.

MRS. KIDD, Cash Buyer in any quantity of Ladies' and Gents' Superior Left-off Clothing, Boots, Travelling Bags, Trunks, etc. Best prices. Write or Ring 26-700, 14, Tory st., Wellington.

WANTED to Buy, Old Buildings for Removal, or Second-hand Timber, for pricing and Reinstating. Write 1875, Evg. Post.

WANTED to Buy, Old Gold, and Jewellery bought. Note new address. Hamann, Jewellery, 5a, Willis st.

WANTED to Buy, for cash, Ladies' and Gents' Superior Left-off Clothing, Boots, Shoes, Travelling Bags, Trunks, etc. Best price. Ring 23-838.

WANTED to Buy, Small Furniture, Sewing Machines, Gramophones, Radio, Tools, Bicycles, Clocks, and odd goods. Write 1816, Evg. Post.

WANTED to Buy, Furnished Flat, self-contained. Apply 1891, Evg. Post.

SECOND-HAND Furniture, nothing too large or too small, distance no object. White, 153, Parade, Island Bay.

URGENTLY REQUIRED. WANTED Business, Shop, Hardware, Woodware, Toy, city terms, £100 cash. Write 1881, Evg. Post.

WOODWORKING MACHINERY. SEND full particulars to Box 1117, G.P.O.

GRAMOPHONE RECORD EXCHANGE. H.M.V. and Columbia Portable Gramophones for Hire. If you need a Gramophone for the Xmas or New Year Dance, Party, Beach, Picnic, etc., Write, or Call for our supply suitable machines and get free records. Terms moderate. Records bought, sold and exchanged. H.M.V. and Columbia Portables bought, sold and hired. GRAMOPHONE RECORD EXCHANGE, Lombard street (Between "Blue" and New Zealand Hotels).

INVESTMENT WANTED. RETIRED Business Manager is desirous of purchasing a Wellington property suitable for investment. Will consider up to £7,000. Hearns, etc. or RESIDENTIAL PROPERTIES. Send price, description, terms, etc. should be forwarded first instance to INVESTMENT, Care J. Ilott, Ltd., Advertising Agents, Publicity House, Jervois quay, Wellington.

BOOKS of all descriptions, also any New Zealand Literature. Guaranteed highest price given. We call anywhere. BELLAMY'S BOOK SHOP, 240, Lambton quay, Opp. D.I.C. Tel. 45-848.

WANTED TO BUY.

WANTED to Purchase, 5-rd. Modern House, vicinity of Johns or Manners street. Write 1895, Evg. Post.

WANTED to Buy, Household Furniture, highest prices given; cash paid, cartage paid. Kenner's Used Department.

WANTED to Purchase, 1 pair Painter's Trestles, 7ft. or 6ft; condition of sale. Write 1913, Evg. Post.

WANTED Purchase, 5 Bedstead (4ft. 6in. wide), stating price, to P.O. Box 204, or Tel. 23-834.

WANTED to Purchase, 3 or 4 Hardwood Vats, in good condition. Reply 1892, Evg. Post.

WANTED Buy, Sidecar Chassis, suitable for 8 h.p. Twin. Write 1877, Evg. Post.

WANTED to Buy, Harley Davidson Motor-cycle and Sidecar. 8, Edwin Grove, off Tory st.

WANTED to Buy, English Motorcycle, 1928, good order. Write 1851, Evg. Post.

WANTED to Buy, Harley Davidson, late model, electric lights; lowest cash price. Write 1890, Evg. Post.

WANTED, Motor-cycle, Recently purchased; Light Car, good order. Apply 1880, Evg. Post.

WANTED to Buy, Cover, suitable for Sports Car, price and particulars 1894, Evg. Post.

WANTED to Buy, 7 to 10ft. Dinghy, price and particulars. Write 1862, Evg. Post.

WANTED to Buy, Good Cheap Section, price 1891, Evg. Post.

WANTED, Purchase, up to 3000 ft. Timber, Sales, 35, Evg. Post.

WANTED to Buy, 3 Corrugated Iron Tanks, corrugations. Reply 1890, Evg. Post.

WANTED to Buy, Section, with or without Cottage. Repayments, etc. Write 1889, Evg. Post.

WANTED to Buy, Modern Bungalow, Apply 1863, Evg. Post.

WANTED Purchase, Cook Country Cottage, close to station, State price, Evg. Post.

WANTED to Buy, Child's Singer Sewing Machine, must be in perfect working order. Apply 1891, Evg. Post.

WANTED to Buy, 1½ h.p. Black Boat Engine, State price and particulars. Reply 1900, Evg. Post.

WANTED Buy, Child's Playpen Bag, collapsible preferred. Must be good order. State price. 1899, Evg. Post.

WANTED to Buy, Electric Iron Motorcycle, late model. State price and particulars. Write 1890, Evg. Post.

WANTED to Buy, Tricycle, in good order, for child, 4 to 7. Write 1910, Evg. Post.

WANTED to Buy, Small Cross, full particulars. 1870, Evg. Post.

WANTED to Buy, Small Cream Pan Separator. Ring 21-080.

WANTED to Buy, Cheap Second-hand Bicycle, lady's. Ring 23-838.

WANTED to Buy, Gas Stove, with Oven; good order. Apply 1895, Evg. Post.

WANTED Buy, Good Dinghy, good condition. Reply 1890.

WANTED to Buy, for Cash, One Box Trailer, Apply 1894, Evg. Post.

WANTED Buy, Gent.'s Bicycle, good order. Ring 23-838.

WANTED to Buy, Second-hand Motor Car in good order. Write 1838, Evg. Post.

WANTED, Cheap Car or Sidecar Outfit, first-class order, price 1894, Evg. Post.

WANTED to Purchase, Cottage, about 4 rooms, Karori or Kelburn. Apply 1891.

WANTED Buy, Baby's Pram, good order. Ring 28-002.

WANTED to Buy, Dolls' Pram, good condition, cheap. Write 1880, Evg. Post.

WANTED to Buy, Gramophone Records, any quantity. Gramophone Record Exchange, Lombard st.

WANTED Buy, Folding Camp Stretcher, cheap. Ring 29-020.

WANTED to Buy, Tent, about 12 x 10, good order. Apply 1887, Evg. Post.

WANTED to Buy, Piano, good make, for cash. Ring 23-001.

WANTED to Buy, Typewriter, good order, cheap. Write 1891, Evg. Post.

WANTED to Buy, Old Gold, Diamonds, Jewellery; highest prices. 5a Willis st.

WANTED to Buy, Small Farm, within 50 miles Wellington. Write 1893, Evg. Post.

WANTED to Buy, Lease, small Shop, central. Apply 1895, Evg. Post.

WANTED to Buy, Dental Chair, in good order. Apply 1890, Evg. Post.

WANTED Buy, Gent.'s Dress Suit, medium size. Apply 1897, Evg. Post.

WANTED to Buy, Baby's Cot. Ring 28-880.

WANTED to Buy, Cabin Trunk, good order, cheap. Apply 1896, Evg. Post.

WANTED to Buy, Electric Light Fittings, second-hand. Write 1899, Evg. Post.

WANTED to Buy, Office Desk and Chair, for cash. Ring 20-000.

WANTED Buy, Large Cabin Trunk. Write 1891, Evg. Post.

MODERN 8-Roomed House, half-hour city, preferably Govt. mortgage; principals only. Particulars, 1876, Evg. Post.

SECTIONS wanted, about £70 to £100 to pay, in city area, handy to tram. Write 1877, Evg. Post.

WANTED to Buy, Wireless Set, 3 valves, cheap. Ring 28-000.

BOOKS of all descriptions, highest prices given. Ring 45-848. Bellamy's Book Shop, 240, Lambton quay.

WANTED, Gentleman's Bicycle, good condition; cheap. Apply 1884, Evg. Post.

WANTED Buy, Gas Range, cheap. Write 1892, Evg. Post.

PHONE, Hutt, Small Home, cash £ or terms. Write 1910, Evg. Post.
